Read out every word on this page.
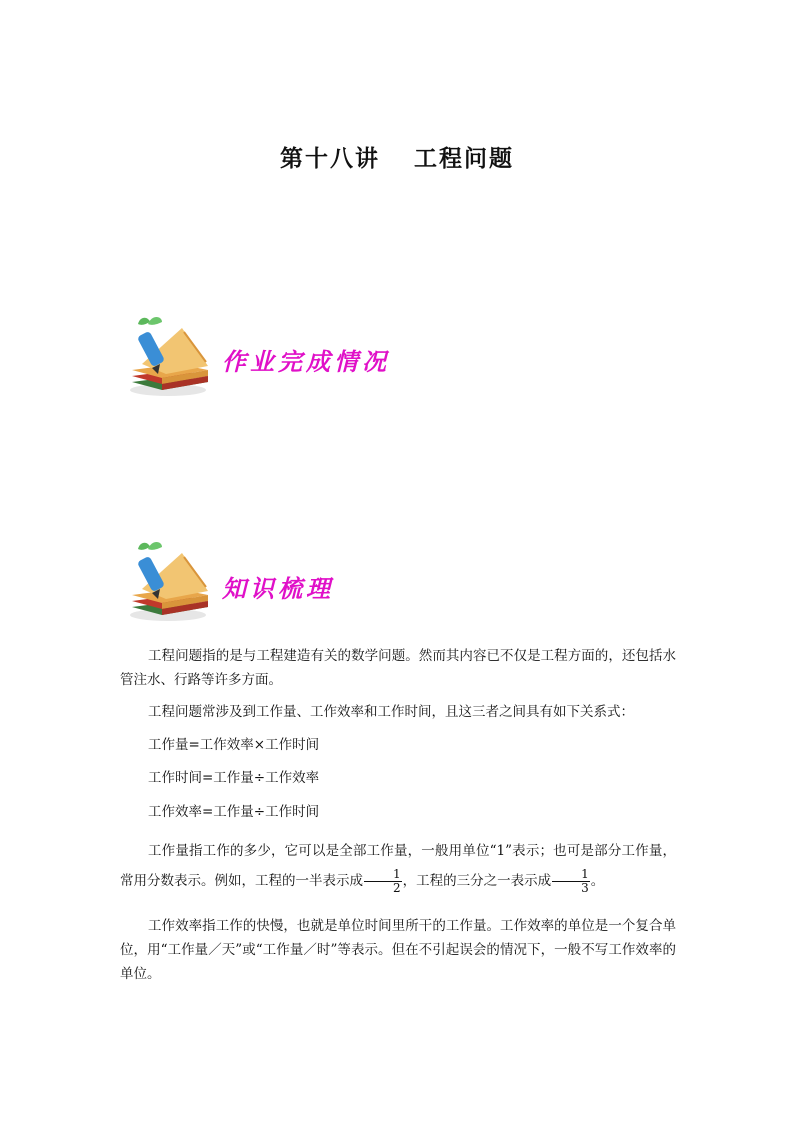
第十八讲 工程问题
作业完成情况
知识梳理
工程问题指的是与工程建造有关的数学问题。然而其内容已不仅是工程方面的，还包括水管注水、行路等许多方面。
工程问题常涉及到工作量、工作效率和工作时间，且这三者之间具有如下关系式：
工作量=工作效率×工作时间
工作时间=工作量÷工作效率
工作效率=工作量÷工作时间
工作量指工作的多少，它可以是全部工作量，一般用单位“1”表示；也可是部分工作量，常用分数表示。例如，工程的一半表示成 $\frac{1}{2}$ ，工程的三分之一表示成 $\frac{1}{3}$ 。
工作效率指工作的快慢，也就是单位时间里所干的工作量。工作效率的单位是一个复合单位，用“工作量／天”或“工作量／时”等表示。但在不引起误会的情况下，一般不写工作效率的单位。
